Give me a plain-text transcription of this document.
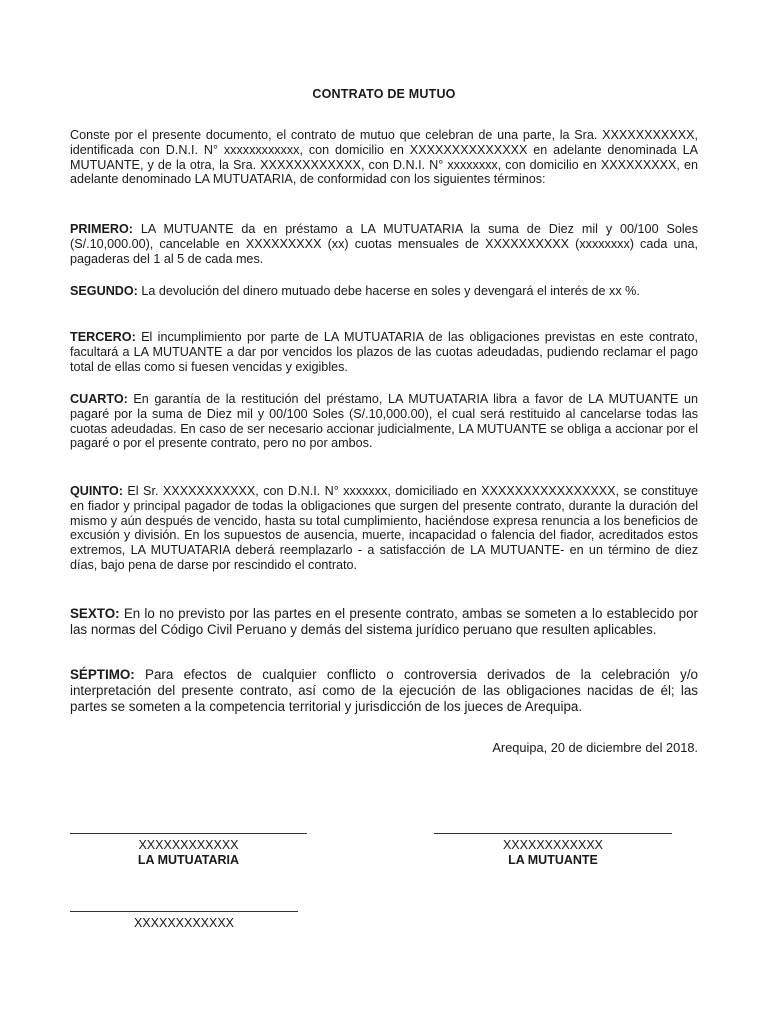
CONTRATO DE MUTUO

Conste por el presente documento, el contrato de mutuo que celebran de una parte, la Sra. XXXXXXXXXXX, identificada con D.N.I. N° xxxxxxxxxxxx, con domicilio en XXXXXXXXXXXXXX en adelante denominada LA MUTUANTE, y de la otra, la Sra. XXXXXXXXXXXX, con D.N.I. N° xxxxxxxx, con domicilio en XXXXXXXXX, en adelante denominado LA MUTUATARIA, de conformidad con los siguientes términos:

PRIMERO: LA MUTUANTE da en préstamo a LA MUTUATARIA la suma de Diez mil y 00/100 Soles (S/.10,000.00), cancelable en XXXXXXXXX (xx) cuotas mensuales de XXXXXXXXXX (xxxxxxxx) cada una, pagaderas del 1 al 5 de cada mes.

SEGUNDO: La devolución del dinero mutuado debe hacerse en soles y devengará el interés de xx %.

TERCERO: El incumplimiento por parte de LA MUTUATARIA de las obligaciones previstas en este contrato, facultará a LA MUTUANTE a dar por vencidos los plazos de las cuotas adeudadas, pudiendo reclamar el pago total de ellas como si fuesen vencidas y exigibles.

CUARTO: En garantía de la restitución del préstamo, LA MUTUATARIA libra a favor de LA MUTUANTE un pagaré por la suma de Diez mil y 00/100 Soles (S/.10,000.00), el cual será restituido al cancelarse todas las cuotas adeudadas. En caso de ser necesario accionar judicialmente, LA MUTUANTE se obliga a accionar por el pagaré o por el presente contrato, pero no por ambos.

QUINTO: El Sr. XXXXXXXXXXX, con D.N.I. N° xxxxxxx, domiciliado en XXXXXXXXXXXXXXXX, se constituye en fiador y principal pagador de todas la obligaciones que surgen del presente contrato, durante la duración del mismo y aún después de vencido, hasta su total cumplimiento, haciéndose expresa renuncia a los beneficios de excusión y división. En los supuestos de ausencia, muerte, incapacidad o falencia del fiador, acreditados estos extremos, LA MUTUATARIA deberá reemplazarlo - a satisfacción de LA MUTUANTE- en un término de diez días, bajo pena de darse por rescindido el contrato.

SEXTO: En lo no previsto por las partes en el presente contrato, ambas se someten a lo establecido por las normas del Código Civil Peruano y demás del sistema jurídico peruano que resulten aplicables.

SÉPTIMO: Para efectos de cualquier conflicto o controversia derivados de la celebración y/o interpretación del presente contrato, así como de la ejecución de las obligaciones nacidas de él; las partes se someten a la competencia territorial y jurisdicción de los jueces de Arequipa.

Arequipa, 20 de diciembre del 2018.
XXXXXXXXXXXX
LA MUTUATARIA
XXXXXXXXXXXX
LA MUTUANTE
XXXXXXXXXXXX
